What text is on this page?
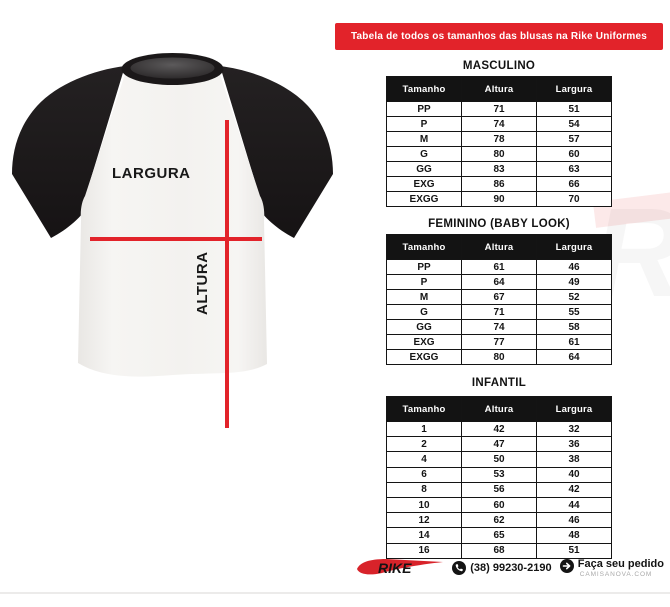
LARGURA
ALTURA
Tabela de todos os tamanhos das blusas na Rike Uniformes
MASCULINO
Tamanho	Altura	Largura
PP	71	51
P	74	54
M	78	57
G	80	60
GG	83	63
EXG	86	66
EXGG	90	70
FEMININO (BABY LOOK)
Tamanho	Altura	Largura
PP	61	46
P	64	49
M	67	52
G	71	55
GG	74	58
EXG	77	61
EXGG	80	64
INFANTIL
Tamanho	Altura	Largura
1	42	32
2	47	36
4	50	38
6	53	40
8	56	42
10	60	44
12	62	46
14	65	48
16	68	51
RIKE	(38) 99230-2190 Faça seu pedido
CAMISANOVA.COM
